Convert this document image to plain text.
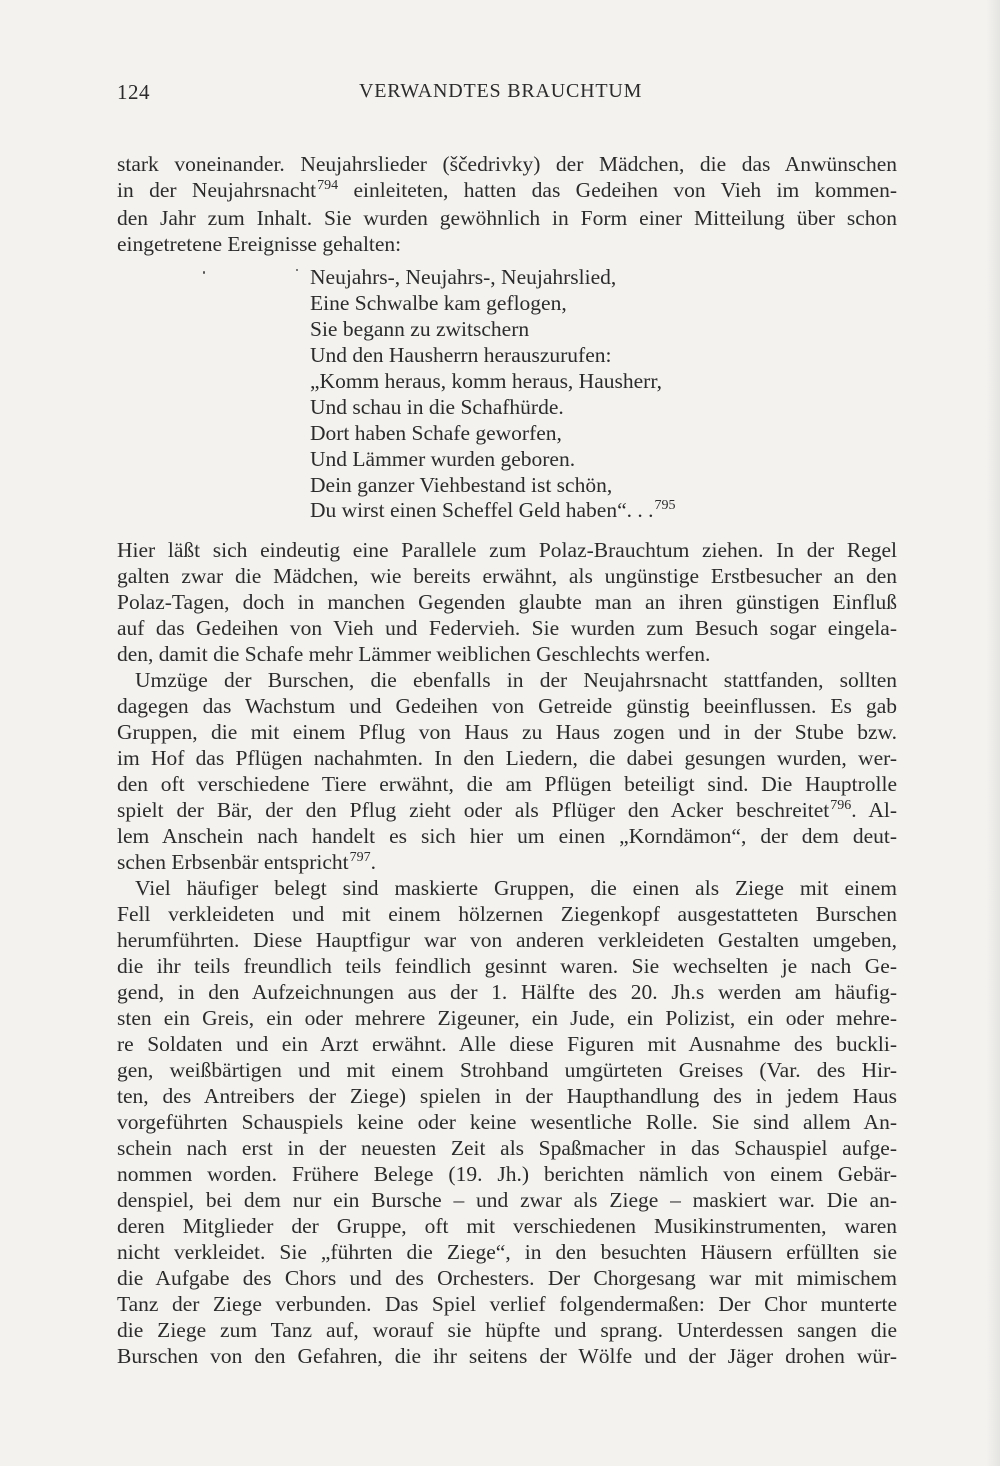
124	VERWANDTES BRAUCHTUM
stark voneinander. Neujahrslieder (ščedrivky) der Mädchen, die das Anwünschen
in der Neujahrsnacht$^{794}$ einleiteten, hatten das Gedeihen von Vieh im kommen-
den Jahr zum Inhalt. Sie wurden gewöhnlich in Form einer Mitteilung über schon
eingetretene Ereignisse gehalten:
Neujahrs-, Neujahrs-, Neujahrslied,
Eine Schwalbe kam geflogen,
Sie begann zu zwitschern
Und den Hausherrn herauszurufen:
„Komm heraus, komm heraus, Hausherr,
Und schau in die Schafhürde.
Dort haben Schafe geworfen,
Und Lämmer wurden geboren.
Dein ganzer Viehbestand ist schön,
Du wirst einen Scheffel Geld haben“. . .$^{795}$
Hier läßt sich eindeutig eine Parallele zum Polaz-Brauchtum ziehen. In der Regel
galten zwar die Mädchen, wie bereits erwähnt, als ungünstige Erstbesucher an den
Polaz-Tagen, doch in manchen Gegenden glaubte man an ihren günstigen Einfluß
auf das Gedeihen von Vieh und Federvieh. Sie wurden zum Besuch sogar eingela-
den, damit die Schafe mehr Lämmer weiblichen Geschlechts werfen.
Umzüge der Burschen, die ebenfalls in der Neujahrsnacht stattfanden, sollten
dagegen das Wachstum und Gedeihen von Getreide günstig beeinflussen. Es gab
Gruppen, die mit einem Pflug von Haus zu Haus zogen und in der Stube bzw.
im Hof das Pflügen nachahmten. In den Liedern, die dabei gesungen wurden, wer-
den oft verschiedene Tiere erwähnt, die am Pflügen beteiligt sind. Die Hauptrolle
spielt der Bär, der den Pflug zieht oder als Pflüger den Acker beschreitet$^{796}$. Al-
lem Anschein nach handelt es sich hier um einen „Korndämon“, der dem deut-
schen Erbsenbär entspricht$^{797}$.
Viel häufiger belegt sind maskierte Gruppen, die einen als Ziege mit einem
Fell verkleideten und mit einem hölzernen Ziegenkopf ausgestatteten Burschen
herumführten. Diese Hauptfigur war von anderen verkleideten Gestalten umgeben,
die ihr teils freundlich teils feindlich gesinnt waren. Sie wechselten je nach Ge-
gend, in den Aufzeichnungen aus der 1. Hälfte des 20. Jh.s werden am häufig-
sten ein Greis, ein oder mehrere Zigeuner, ein Jude, ein Polizist, ein oder mehre-
re Soldaten und ein Arzt erwähnt. Alle diese Figuren mit Ausnahme des buckli-
gen, weißbärtigen und mit einem Strohband umgürteten Greises (Var. des Hir-
ten, des Antreibers der Ziege) spielen in der Haupthandlung des in jedem Haus
vorgeführten Schauspiels keine oder keine wesentliche Rolle. Sie sind allem An-
schein nach erst in der neuesten Zeit als Spaßmacher in das Schauspiel aufge-
nommen worden. Frühere Belege (19. Jh.) berichten nämlich von einem Gebär-
denspiel, bei dem nur ein Bursche – und zwar als Ziege – maskiert war. Die an-
deren Mitglieder der Gruppe, oft mit verschiedenen Musikinstrumenten, waren
nicht verkleidet. Sie „führten die Ziege“, in den besuchten Häusern erfüllten sie
die Aufgabe des Chors und des Orchesters. Der Chorgesang war mit mimischem
Tanz der Ziege verbunden. Das Spiel verlief folgendermaßen: Der Chor munterte
die Ziege zum Tanz auf, worauf sie hüpfte und sprang. Unterdessen sangen die
Burschen von den Gefahren, die ihr seitens der Wölfe und der Jäger drohen wür-
